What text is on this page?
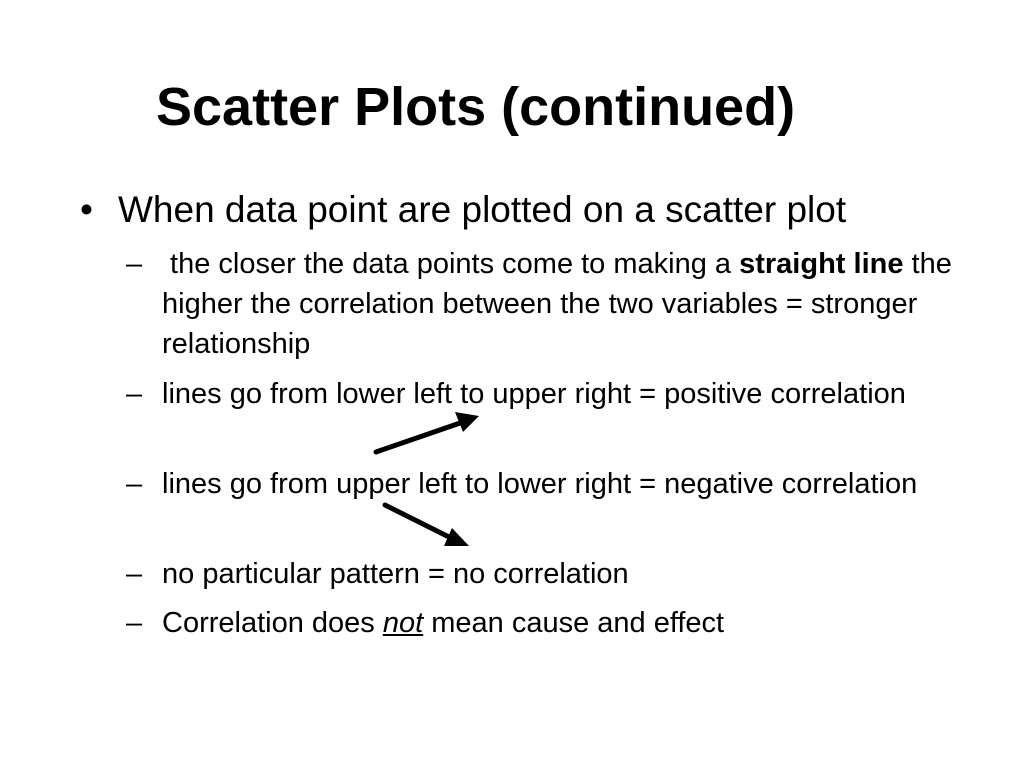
Scatter Plots (continued)
• When data point are plotted on a scatter plot
– the closer the data points come to making a straight line the higher the correlation between the two variables = stronger relationship
– lines go from lower left to upper right = positive correlation
– lines go from upper left to lower right = negative correlation
– no particular pattern = no correlation
– Correlation does not mean cause and effect
